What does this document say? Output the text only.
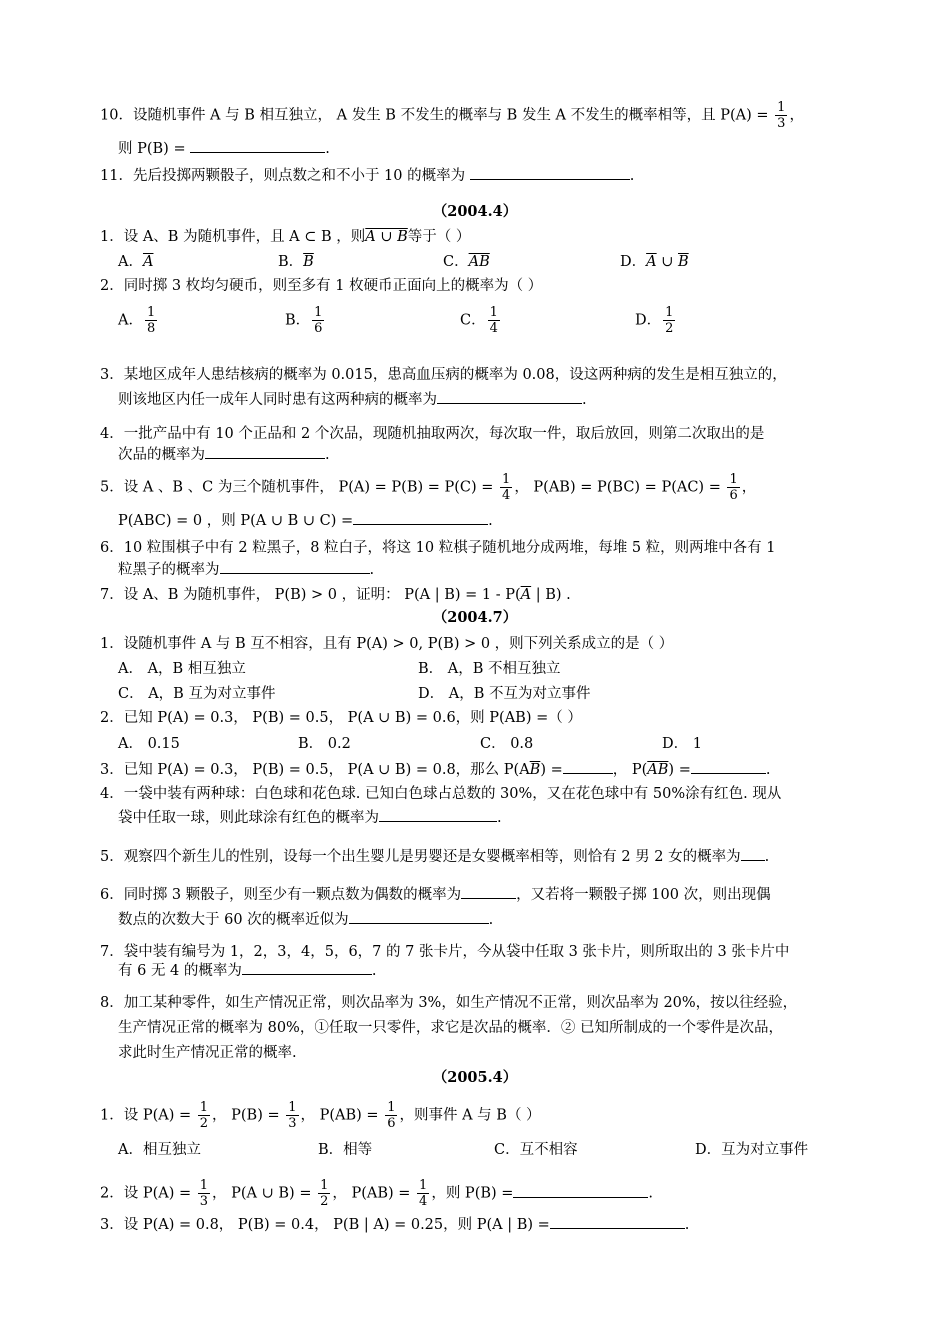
10．设随机事件 A 与 B 相互独立， A 发生 B 不发生的概率与 B 发生 A 不发生的概率相等，且 $P(A) = \frac{1}{3}$ ，
则 P(B) =	.
11．先后投掷两颗骰子，则点数之和不小于 10 的概率为	.
（2004.4）
1．设 A、B 为随机事件，且 A ⊂ B ，则A ∪ B等于（ ）
A．$\overline{A}$	B．$\overline{B}$	C．$\overline{AB}$	D．$\overline{A}$ ∪ $\overline{B}$
2．同时掷 3 枚均匀硬币，则至多有 1 枚硬币正面向上的概率为（ ）
A． $\frac{1}{8}$	B． $\frac{1}{6}$	C． $\frac{1}{4}$	D． $\frac{1}{2}$
3．某地区成年人患结核病的概率为 0.015，患高血压病的概率为 0.08，设这两种病的发生是相互独立的，
则该地区内任一成年人同时患有这两种病的概率为	.
4．一批产品中有 10 个正品和 2 个次品，现随机抽取两次，每次取一件，取后放回，则第二次取出的是
次品的概率为	.
5．设 A 、B 、C 为三个随机事件， $P(A) = P(B) = P(C) = \frac{1}{4}$ ， $P(AB) = P(BC) = P(AC) = \frac{1}{6}$ ，
P(ABC) = 0 ，则 P(A ∪ B ∪ C) =	.
6．10 粒围棋子中有 2 粒黑子，8 粒白子，将这 10 粒棋子随机地分成两堆，每堆 5 粒，则两堆中各有 1
粒黑子的概率为	.
7．设 A、B 为随机事件， P(B) > 0 ，证明： P(A | $B) = 1 - P(\overline{A}$ | B) .
（2004.7）
1．设随机事件 A 与 B 互不相容，且有 P(A) > 0, P(B) > 0 ，则下列关系成立的是（ ）
A． A，B 相互独立	B． A，B 不相互独立
C． A，B 互为对立事件	D． A，B 不互为对立事件
2．已知 P(A) = 0.3， P(B) = 0.5， P(A ∪ B) = 0.6，则 P(AB) =（ ）
A． 0.15	B． 0.2	C． 0.8	D． 1
3．已知 P(A) = 0.3， P(B) = 0.5， P(A ∪ B) = 0.8，那么 $P(A\overline{B})$ =	， $P(\overline{AB})$ =	.
4．一袋中装有两种球：白色球和花色球. 已知白色球占总数的 30%，又在花色球中有 50%涂有红色. 现从
袋中任取一球，则此球涂有红色的概率为	.
5．观察四个新生儿的性别，设每一个出生婴儿是男婴还是女婴概率相等，则恰有 2 男 2 女的概率为 .
6．同时掷 3 颗骰子，则至少有一颗点数为偶数的概率为	，又若将一颗骰子掷 100 次，则出现偶
数点的次数大于 60 次的概率近似为	.
7．袋中装有编号为 1，2，3，4，5，6，7 的 7 张卡片，今从袋中任取 3 张卡片，则所取出的 3 张卡片中
有 6 无 4 的概率为	.
8．加工某种零件，如生产情况正常，则次品率为 3%，如生产情况不正常，则次品率为 20%，按以往经验，
生产情况正常的概率为 80%，①任取一只零件，求它是次品的概率．② 已知所制成的一个零件是次品，
求此时生产情况正常的概率.
（2005.4）
1．设 $P(A) = \frac{1}{2}$ ， $P(B) = \frac{1}{3}$ ， $P(AB) = \frac{1}{6}$ ，则事件 A 与 B（ ）
A．相互独立	B．相等	C．互不相容	D．互为对立事件
2．设 $P(A) = \frac{1}{3}$ ， P(A ∪ $B) = \frac{1}{2}$ ， $P(AB) = \frac{1}{4}$ ，则 P(B) =	.
3．设 P(A) = 0.8， P(B) = 0.4， P(B | A) = 0.25，则 P(A | B) =	.
